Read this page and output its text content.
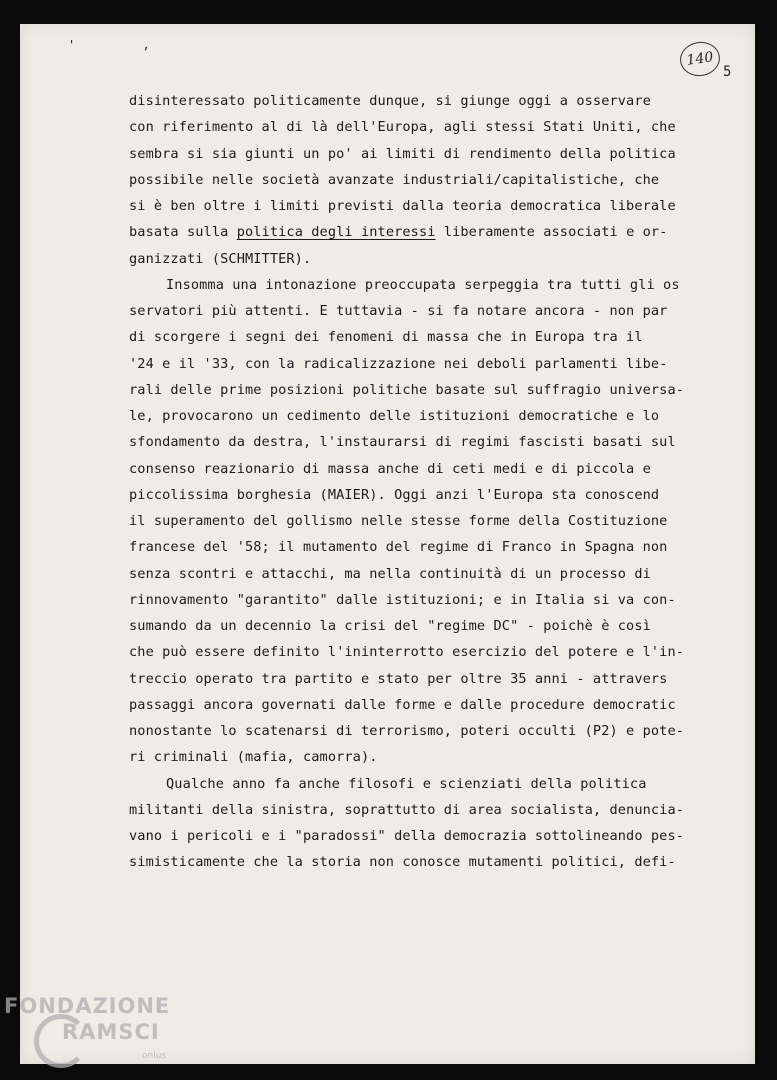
' ,
140
5
disinteressato politicamente dunque, si giunge oggi a osservare
con riferimento al di là dell'Europa, agli stessi Stati Uniti, che
sembra si sia giunti un po' ai limiti di rendimento della politica
possibile nelle società avanzate industriali/capitalistiche, che
si è ben oltre i limiti previsti dalla teoria democratica liberale
basata sulla politica degli interessi liberamente associati e or-
ganizzati (SCHMITTER).
Insomma una intonazione preoccupata serpeggia tra tutti gli os
servatori più attenti. E tuttavia - si fa notare ancora - non par
di scorgere i segni dei fenomeni di massa che in Europa tra il
'24 e il '33, con la radicalizzazione nei deboli parlamenti libe-
rali delle prime posizioni politiche basate sul suffragio universa-
le, provocarono un cedimento delle istituzioni democratiche e lo
sfondamento da destra, l'instaurarsi di regimi fascisti basati sul
consenso reazionario di massa anche di ceti medi e di piccola e
piccolissima borghesia (MAIER). Oggi anzi l'Europa sta conoscend
il superamento del gollismo nelle stesse forme della Costituzione
francese del '58; il mutamento del regime di Franco in Spagna non
senza scontri e attacchi, ma nella continuità di un processo di
rinnovamento "garantito" dalle istituzioni; e in Italia si va con-
sumando da un decennio la crisi del "regime DC" - poichè è così
che può essere definito l'ininterrotto esercizio del potere e l'in-
treccio operato tra partito e stato per oltre 35 anni - attravers
passaggi ancora governati dalle forme e dalle procedure democratic
nonostante lo scatenarsi di terrorismo, poteri occulti (P2) e pote-
ri criminali (mafia, camorra).
Qualche anno fa anche filosofi e scienziati della politica
militanti della sinistra, soprattutto di area socialista, denuncia-
vano i pericoli e i "paradossi" della democrazia sottolineando pes-
simisticamente che la storia non conosce mutamenti politici, defi-
FONDAZIONE
RAMSCI
onlus
